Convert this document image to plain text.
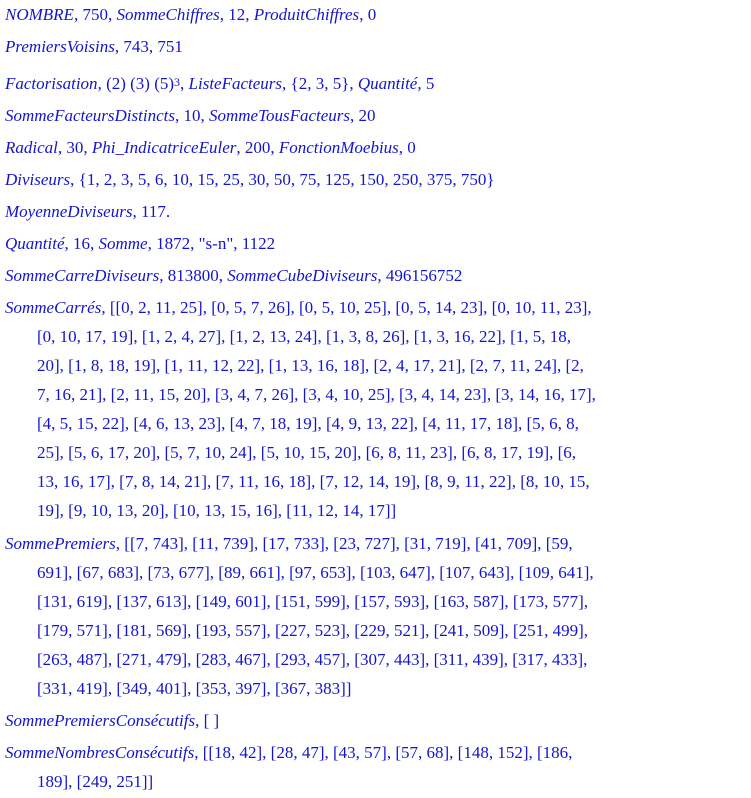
NOMBRE, 750, SommeChiffres, 12, ProduitChiffres, 0
PremiersVoisins, 743, 751
Factorisation, (2) (3) $(5)^3$, ListeFacteurs, {2, 3, 5}, Quantité, 5
SommeFacteursDistincts, 10, SommeTousFacteurs, 20
Radical, 30, Phi_IndicatriceEuler, 200, FonctionMoebius, 0
Diviseurs, {1, 2, 3, 5, 6, 10, 15, 25, 30, 50, 75, 125, 150, 250, 375, 750}
MoyenneDiviseurs, 117.
Quantité, 16, Somme, 1872, "s-n", 1122
SommeCarreDiviseurs, 813800, SommeCubeDiviseurs, 496156752
SommeCarrés, [[0, 2, 11, 25], [0, 5, 7, 26], [0, 5, 10, 25], [0, 5, 14, 23], [0, 10, 11, 23],
[0, 10, 17, 19], [1, 2, 4, 27], [1, 2, 13, 24], [1, 3, 8, 26], [1, 3, 16, 22], [1, 5, 18,
20], [1, 8, 18, 19], [1, 11, 12, 22], [1, 13, 16, 18], [2, 4, 17, 21], [2, 7, 11, 24], [2,
7, 16, 21], [2, 11, 15, 20], [3, 4, 7, 26], [3, 4, 10, 25], [3, 4, 14, 23], [3, 14, 16, 17],
[4, 5, 15, 22], [4, 6, 13, 23], [4, 7, 18, 19], [4, 9, 13, 22], [4, 11, 17, 18], [5, 6, 8,
25], [5, 6, 17, 20], [5, 7, 10, 24], [5, 10, 15, 20], [6, 8, 11, 23], [6, 8, 17, 19], [6,
13, 16, 17], [7, 8, 14, 21], [7, 11, 16, 18], [7, 12, 14, 19], [8, 9, 11, 22], [8, 10, 15,
19], [9, 10, 13, 20], [10, 13, 15, 16], [11, 12, 14, 17]]
SommePremiers, [[7, 743], [11, 739], [17, 733], [23, 727], [31, 719], [41, 709], [59,
691], [67, 683], [73, 677], [89, 661], [97, 653], [103, 647], [107, 643], [109, 641],
[131, 619], [137, 613], [149, 601], [151, 599], [157, 593], [163, 587], [173, 577],
[179, 571], [181, 569], [193, 557], [227, 523], [229, 521], [241, 509], [251, 499],
[263, 487], [271, 479], [283, 467], [293, 457], [307, 443], [311, 439], [317, 433],
[331, 419], [349, 401], [353, 397], [367, 383]]
SommePremiersConsécutifs, [ ]
SommeNombresConsécutifs, [[18, 42], [28, 47], [43, 57], [57, 68], [148, 152], [186,
189], [249, 251]]
